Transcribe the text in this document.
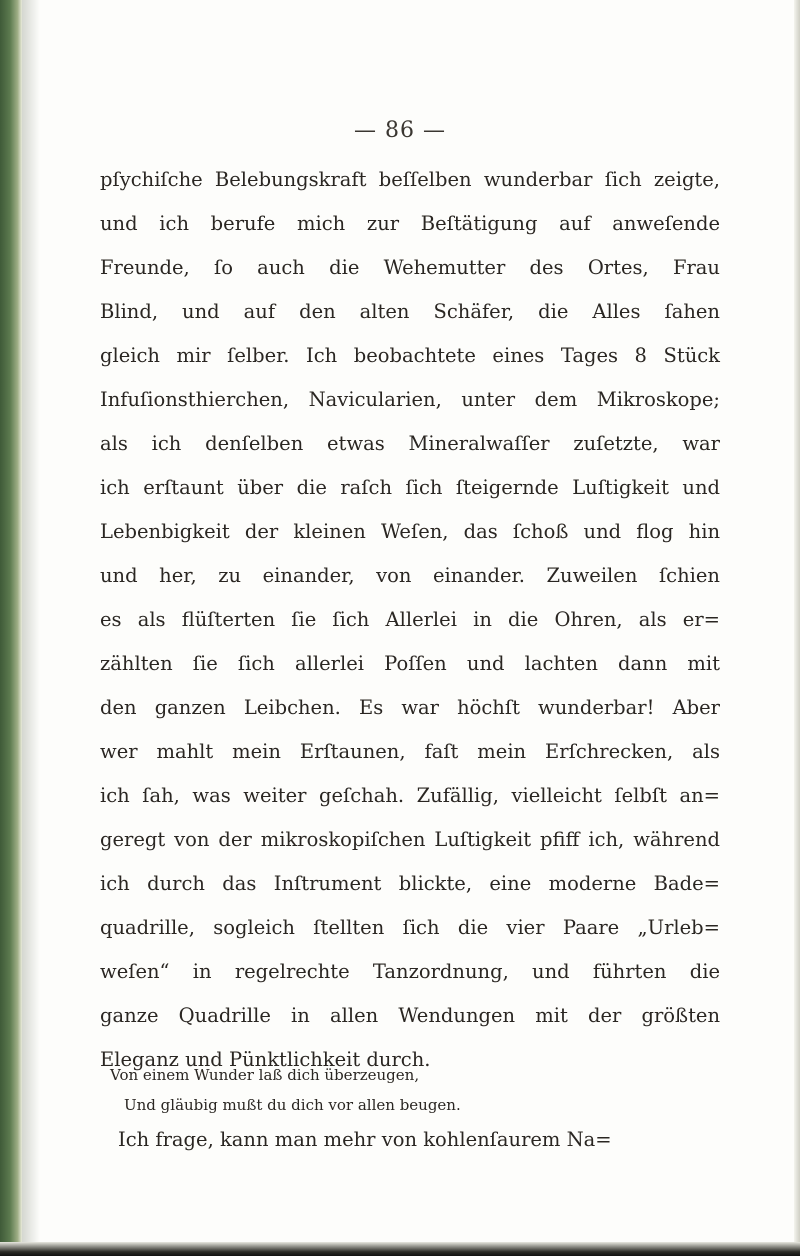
— 86 —
pſychiſche Belebungskraft beſſelben wunderbar ſich zeigte,
und ich berufe mich zur Beſtätigung auf anweſende
Freunde, ſo auch die Wehemutter des Ortes, Frau
Blind, und auf den alten Schäfer, die Alles ſahen
gleich mir ſelber. Ich beobachtete eines Tages 8 Stück
Infuſionsthierchen, Navicularien, unter dem Mikroskope;
als ich denſelben etwas Mineralwaſſer zuſetzte, war
ich erſtaunt über die raſch ſich ſteigernde Luſtigkeit und
Lebenbigkeit der kleinen Weſen, das ſchoß und flog hin
und her, zu einander, von einander. Zuweilen ſchien
es als flüſterten ſie ſich Allerlei in die Ohren, als er=
zählten ſie ſich allerlei Poſſen und lachten dann mit
den ganzen Leibchen. Es war höchſt wunderbar! Aber
wer mahlt mein Erſtaunen, faſt mein Erſchrecken, als
ich ſah, was weiter geſchah. Zufällig, vielleicht ſelbſt an=
geregt von der mikroskopiſchen Luſtigkeit pfiff ich, während
ich durch das Inſtrument blickte, eine moderne Bade=
quadrille, sogleich ſtellten ſich die vier Paare „Urleb=
weſen“ in regelrechte Tanzordnung, und führten die
ganze Quadrille in allen Wendungen mit der größten
Eleganz und Pünktlichkeit durch.
Von einem Wunder laß dich überzeugen,
Und gläubig mußt du dich vor allen beugen.
Ich frage, kann man mehr von kohlenſaurem Na=
